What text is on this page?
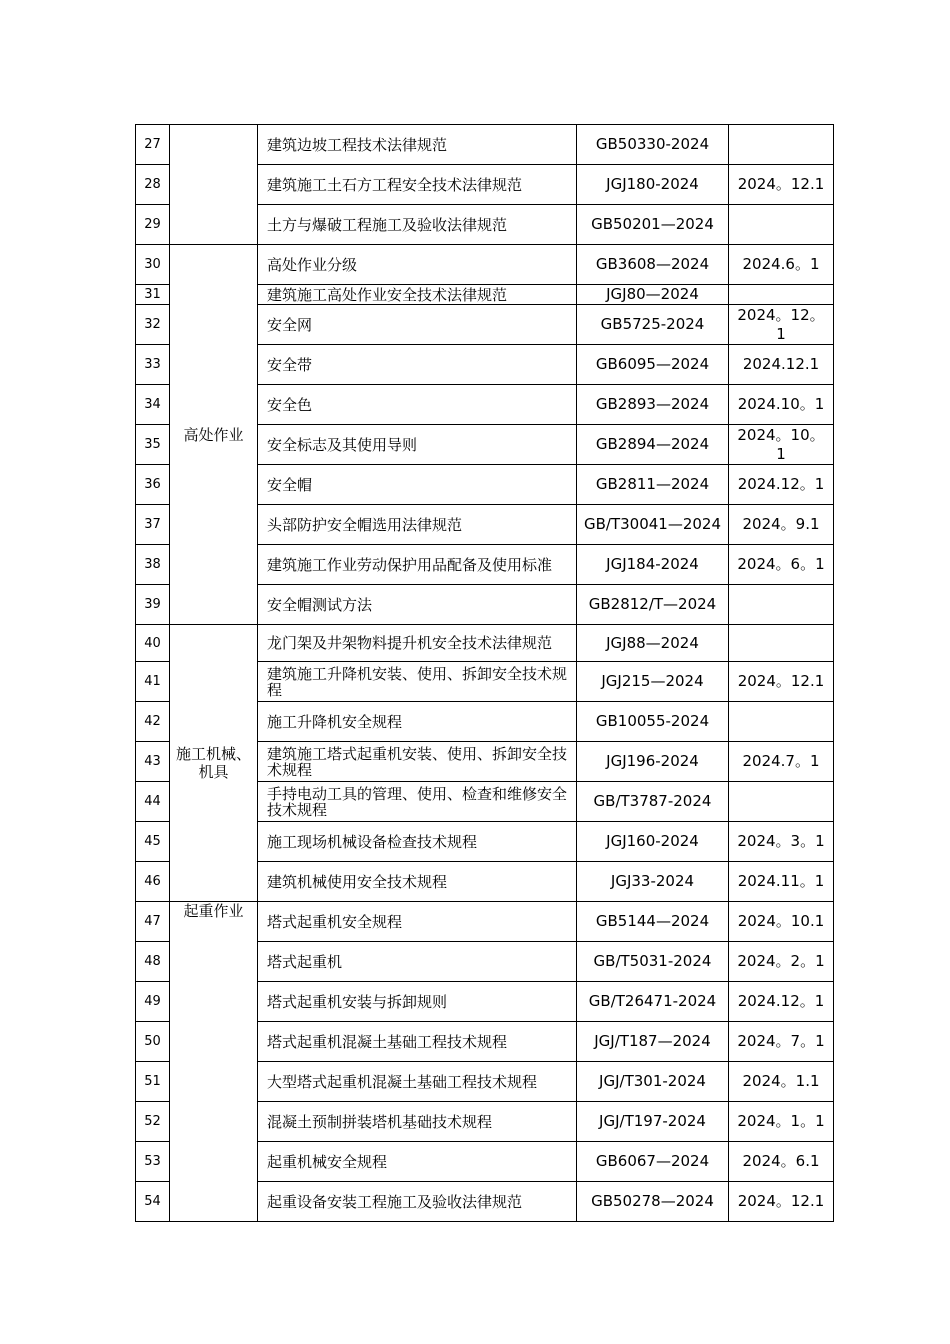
27		建筑边坡工程技术法律规范	GB50330-2024	
28		建筑施工土石方工程安全技术法律规范	JGJ180-2024	2024。12.1
29		土方与爆破工程施工及验收法律规范	GB50201—2024	
30	高处作业	高处作业分级	GB3608—2024	2024.6。1
31		建筑施工高处作业安全技术法律规范	JGJ80—2024	
32		安全网	GB5725-2024	2024。12。1
33		安全带	GB6095—2024	2024.12.1
34		安全色	GB2893—2024	2024.10。1
35		安全标志及其使用导则	GB2894—2024	2024。10。1
36		安全帽	GB2811—2024	2024.12。1
37		头部防护安全帽选用法律规范	GB/T30041—2024	2024。9.1
38		建筑施工作业劳动保护用品配备及使用标准	JGJ184-2024	2024。6。1
39		安全帽测试方法	GB2812/T—2024	
40	施工机械、机具	龙门架及井架物料提升机安全技术法律规范	JGJ88—2024	
41		建筑施工升降机安装、使用、拆卸安全技术规程	JGJ215—2024	2024。12.1
42		施工升降机安全规程	GB10055-2024	
43		建筑施工塔式起重机安装、使用、拆卸安全技术规程	JGJ196-2024	2024.7。1
44		手持电动工具的管理、使用、检查和维修安全技术规程	GB/T3787-2024	
45		施工现场机械设备检查技术规程	JGJ160-2024	2024。3。1
46		建筑机械使用安全技术规程	JGJ33-2024	2024.11。1
47	起重作业	塔式起重机安全规程	GB5144—2024	2024。10.1
48		塔式起重机	GB/T5031-2024	2024。2。1
49		塔式起重机安装与拆卸规则	GB/T26471-2024	2024.12。1
50		塔式起重机混凝土基础工程技术规程	JGJ/T187—2024	2024。7。1
51		大型塔式起重机混凝土基础工程技术规程	JGJ/T301-2024	2024。1.1
52		混凝土预制拼装塔机基础技术规程	JGJ/T197-2024	2024。1。1
53		起重机械安全规程	GB6067—2024	2024。6.1
54		起重设备安装工程施工及验收法律规范	GB50278—2024	2024。12.1
